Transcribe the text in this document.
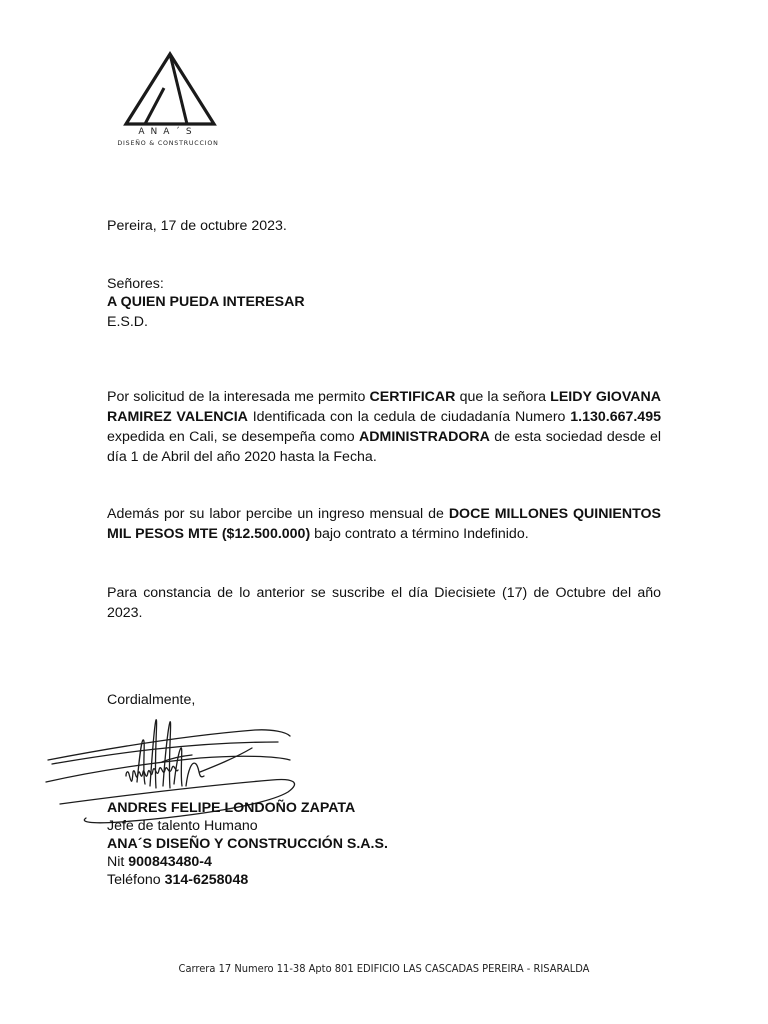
ANA´S
DISEÑO & CONSTRUCCION
Pereira, 17 de octubre 2023.
Señores:
A QUIEN PUEDA INTERESAR
E.S.D.
Por solicitud de la interesada me permito CERTIFICAR que la señora LEIDY GIOVANA RAMIREZ VALENCIA Identificada con la cedula de ciudadanía Numero 1.130.667.495 expedida en Cali, se desempeña como ADMINISTRADORA de esta sociedad desde el día 1 de Abril del año 2020 hasta la Fecha.
Además por su labor percibe un ingreso mensual de DOCE MILLONES QUINIENTOS MIL PESOS MTE ($12.500.000) bajo contrato a término Indefinido.
Para constancia de lo anterior se suscribe el día Diecisiete (17) de Octubre del año 2023.
Cordialmente,
ANDRES FELIPE LONDOÑO ZAPATA
Jefe de talento Humano
ANA´S DISEÑO Y CONSTRUCCIÓN S.A.S.
Nit 900843480-4
Teléfono 314-6258048
Carrera 17 Numero 11-38 Apto 801 EDIFICIO LAS CASCADAS PEREIRA - RISARALDA
